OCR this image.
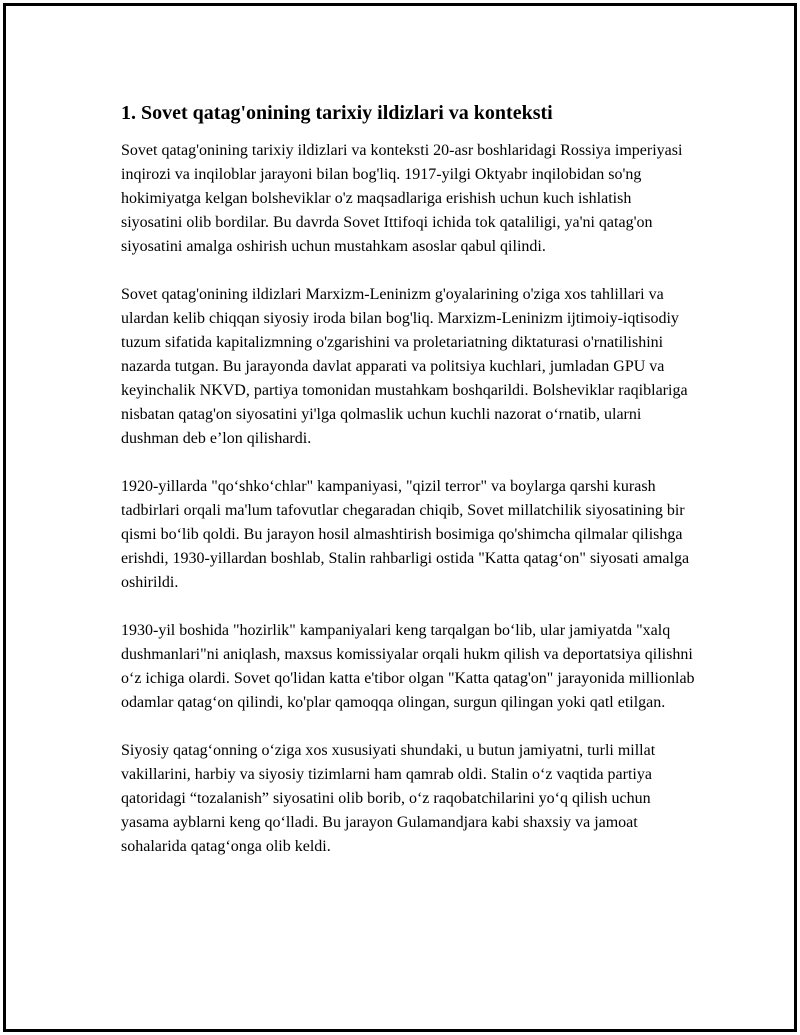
1. Sovet qatag'onining tarixiy ildizlari va konteksti

Sovet qatag'onining tarixiy ildizlari va konteksti 20-asr boshlaridagi Rossiya imperiyasi inqirozi va inqiloblar jarayoni bilan bog'liq. 1917-yilgi Oktyabr inqilobidan so'ng hokimiyatga kelgan bolsheviklar o'z maqsadlariga erishish uchun kuch ishlatish siyosatini olib bordilar. Bu davrda Sovet Ittifoqi ichida tok qataliligi, ya'ni qatag'on siyosatini amalga oshirish uchun mustahkam asoslar qabul qilindi.

Sovet qatag'onining ildizlari Marxizm-Leninizm g'oyalarining o'ziga xos tahlillari va ulardan kelib chiqqan siyosiy iroda bilan bog'liq. Marxizm-Leninizm ijtimoiy-iqtisodiy tuzum sifatida kapitalizmning o'zgarishini va proletariatning diktaturasi o'rnatilishini nazarda tutgan. Bu jarayonda davlat apparati va politsiya kuchlari, jumladan GPU va keyinchalik NKVD, partiya tomonidan mustahkam boshqarildi. Bolsheviklar raqiblariga nisbatan qatag'on siyosatini yi'lga qolmaslik uchun kuchli nazorat o‘rnatib, ularni dushman deb e’lon qilishardi.

1920-yillarda "qo‘shko‘chlar" kampaniyasi, "qizil terror" va boylarga qarshi kurash tadbirlari orqali ma'lum tafovutlar chegaradan chiqib, Sovet millatchilik siyosatining bir qismi bo‘lib qoldi. Bu jarayon hosil almashtirish bosimiga qo'shimcha qilmalar qilishga erishdi, 1930-yillardan boshlab, Stalin rahbarligi ostida "Katta qatag‘on" siyosati amalga oshirildi.

1930-yil boshida "hozirlik" kampaniyalari keng tarqalgan bo‘lib, ular jamiyatda "xalq dushmanlari"ni aniqlash, maxsus komissiyalar orqali hukm qilish va deportatsiya qilishni o‘z ichiga olardi. Sovet qo'lidan katta e'tibor olgan "Katta qatag'on" jarayonida millionlab odamlar qatag‘on qilindi, ko'plar qamoqqa olingan, surgun qilingan yoki qatl etilgan.

Siyosiy qatag‘onning o‘ziga xos xususiyati shundaki, u butun jamiyatni, turli millat vakillarini, harbiy va siyosiy tizimlarni ham qamrab oldi. Stalin o‘z vaqtida partiya qatoridagi “tozalanish” siyosatini olib borib, o‘z raqobatchilarini yo‘q qilish uchun yasama ayblarni keng qo‘lladi. Bu jarayon Gulamandjara kabi shaxsiy va jamoat sohalarida qatag‘onga olib keldi.
